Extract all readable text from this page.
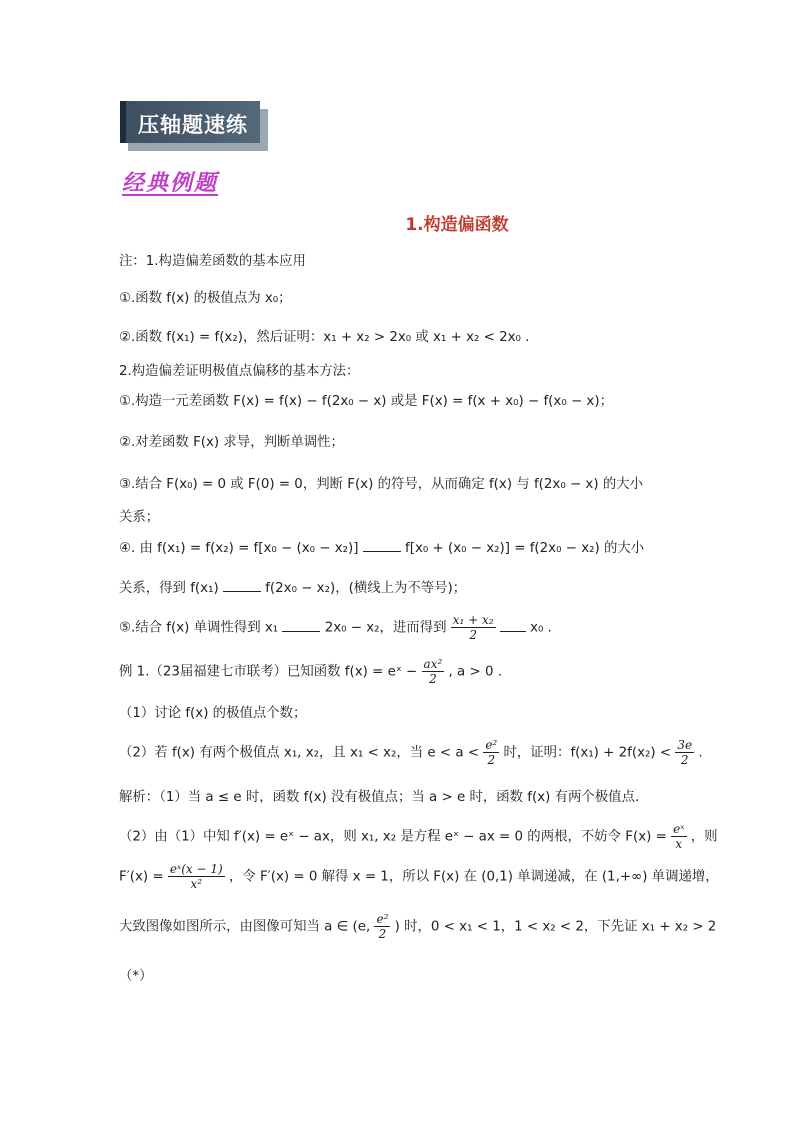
压轴题速练
经典例题
1.构造偏函数
注：1.构造偏差函数的基本应用
①.函数 f(x) 的极值点为 x₀；
②.函数 f(x₁) = f(x₂)，然后证明：x₁ + x₂ > 2x₀ 或 x₁ + x₂ < 2x₀ .
2.构造偏差证明极值点偏移的基本方法：
①.构造一元差函数 F(x) = f(x) − f(2x₀ − x) 或是 F(x) = f(x + x₀) − f(x₀ − x)；
②.对差函数 F(x) 求导，判断单调性；
③.结合 F(x₀) = 0 或 F(0) = 0，判断 F(x) 的符号，从而确定 f(x) 与 f(2x₀ − x) 的大小
关系；
④. 由 f(x₁) = f(x₂) = f[x₀ − (x₀ − x₂)]	f[x₀ + (x₀ − x₂)] = f(2x₀ − x₂) 的大小
关系，得到 f(x₁)	f(2x₀ − x₂)，(横线上为不等号)；
⑤.结合 f(x) 单调性得到 x₁	2x₀ − x₂，进而得到 $\frac{\text{x₁ + x₂}}{2}$	x₀ .
例 1.（23届福建七市联考）已知函数 f(x) = eˣ − $\frac{\text{ax²}}{2}$ , a > 0 .
（1）讨论 f(x) 的极值点个数；
（2）若 f(x) 有两个极值点 x₁, x₂，且 x₁ < x₂，当 $e < a < \frac{\text{e²}}{2}$ 时，证明：$f(x_1) + 2f(x_2) < \frac{3e}{2}$ .
解析：（1）当 a ≤ e 时，函数 f(x) 没有极值点；当 a > e 时，函数 f(x) 有两个极值点．
（2）由（1）中知 f′(x) = eˣ − ax，则 x₁, x₂ 是方程 eˣ − ax = 0 的两根，不妨令 $F(x) = \frac{\text{eˣ}}{x}$ ，则
$F'(x) = \frac{\text{eˣ(x − 1)}}{\text{x²}}$ ，令 F′(x) = 0 解得 x = 1，所以 F(x) 在 (0,1) 单调递减，在 (1,+∞) 单调递增，
大致图像如图所示，由图像可知当 a ∈ (e, $\frac{\text{e²}}{2}$ ) 时，0 < x₁ < 1，1 < x₂ < 2，下先证 x₁ + x₂ > 2
（*）
